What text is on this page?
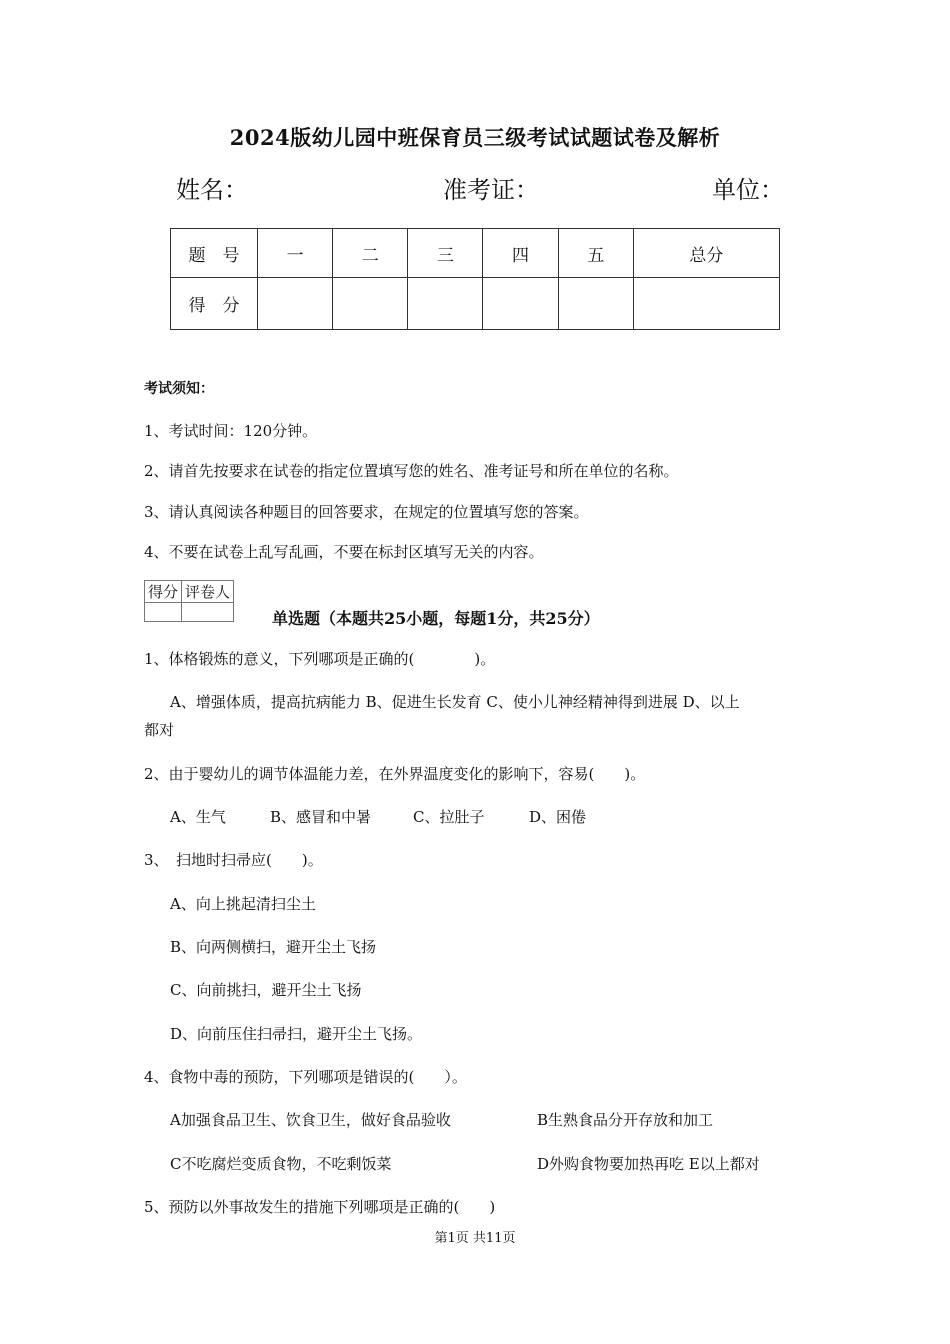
2024版幼儿园中班保育员三级考试试题试卷及解析
姓名：	准考证：	单位：
题　号	一	二	三	四	五	总分
得　分						
考试须知：
1、考试时间：120分钟。
2、请首先按要求在试卷的指定位置填写您的姓名、准考证号和所在单位的名称。
3、请认真阅读各种题目的回答要求，在规定的位置填写您的答案。
4、不要在试卷上乱写乱画，不要在标封区填写无关的内容。
得分	评卷人

单选题（本题共25小题，每题1分，共25分）
1、体格锻炼的意义，下列哪项是正确的(　　　　)。
A、增强体质，提高抗病能力 B、促进生长发育 C、使小儿神经精神得到进展 D、以上
都对
2、由于婴幼儿的调节体温能力差，在外界温度变化的影响下，容易(　　)。
A、生气	B、感冒和中暑	C、拉肚子	D、困倦
3、　扫地时扫帚应(　　)。
A、向上挑起清扫尘土
B、向两侧横扫，避开尘土飞扬
C、向前挑扫，避开尘土飞扬
D、向前压住扫帚扫，避开尘土飞扬。
4、食物中毒的预防，下列哪项是错误的(　　）。
A加强食品卫生、饮食卫生，做好食品验收	B生熟食品分开存放和加工
C不吃腐烂变质食物，不吃剩饭菜	D外购食物要加热再吃 E以上都对
5、预防以外事故发生的措施下列哪项是正确的(　　)
第1页 共11页
